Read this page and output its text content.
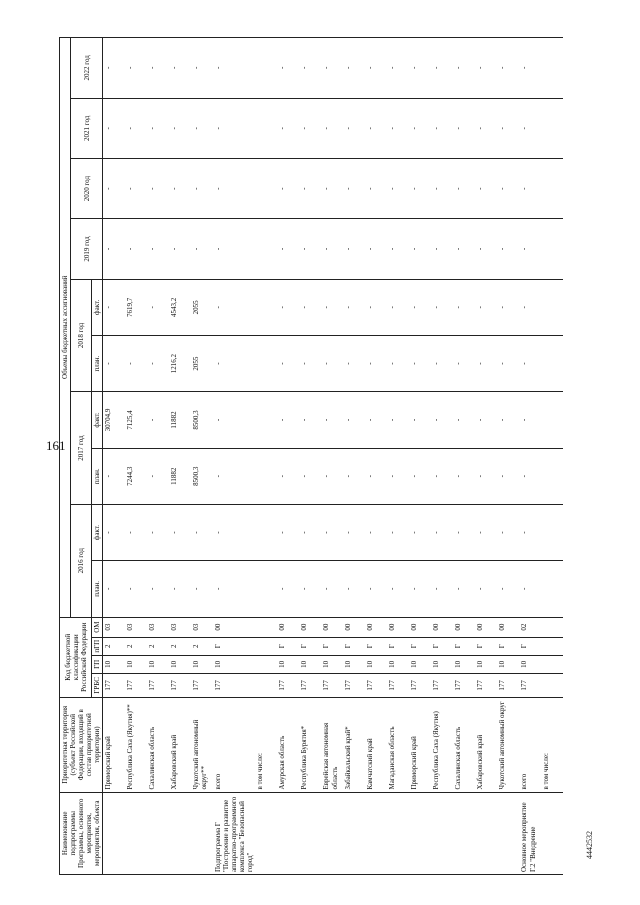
161
4442532
Наименование подпрограммы Программы, основного мероприятия, мероприятия, объекта	Приоритетная территория (субъект Российской Федерации, входящий в состав приоритетной территории)	Код бюджетной классификации Российской Федерации				Объемы бюджетных ассигнований									
						2016 год		2017 год		2018 год		2019 год	2020 год	2021 год	2022 год
		ГРБС	ГП	пГП	ОМ	план.	факт.	план.	факт.	план.	факт.				
	Приморский край	177	10	2	03	-	-	-	30704,9	-	-	-	-	-	-
	Республика Саха (Якутия)**	177	10	2	03	-	-	7244,3	7125,4	-	7619,7	-	-	-	-
	Сахалинская область	177	10	2	03	-	-	-	-	-	-	-	-	-	-
	Хабаровский край	177	10	2	03	-	-	11882	11882	1216,2	4543,2	-	-	-	-
	Чукотский автономный округ**	177	10	2	03	-	-	8500,3	8500,3	2055	2055	-	-	-	-
Подпрограмма Г "Построение и развитие аппаратно-программного комплекса "Безопасный город"	всего	177	10	Г	00	-	-	-	-	-	-	-	-	-	-
	в том числе:														
	Амурская область	177	10	Г	00	-	-	-	-	-	-	-	-	-	-
	Республика Бурятия*	177	10	Г	00	-	-	-	-	-	-	-	-	-	-
	Еврейская автономная область	177	10	Г	00	-	-	-	-	-	-	-	-	-	-
	Забайкальский край*	177	10	Г	00	-	-	-	-	-	-	-	-	-	-
	Камчатский край	177	10	Г	00	-	-	-	-	-	-	-	-	-	-
	Магаданская область	177	10	Г	00	-	-	-	-	-	-	-	-	-	-
	Приморский край	177	10	Г	00	-	-	-	-	-	-	-	-	-	-
	Республика Саха (Якутия)	177	10	Г	00	-	-	-	-	-	-	-	-	-	-
	Сахалинская область	177	10	Г	00	-	-	-	-	-	-	-	-	-	-
	Хабаровский край	177	10	Г	00	-	-	-	-	-	-	-	-	-	-
	Чукотский автономный округ	177	10	Г	00	-	-	-	-	-	-	-	-	-	-
Основное мероприятие Г.2 "Внедрение	всего	177	10	Г	02	-	-	-	-	-	-	-	-	-	-
	в том числе:														
